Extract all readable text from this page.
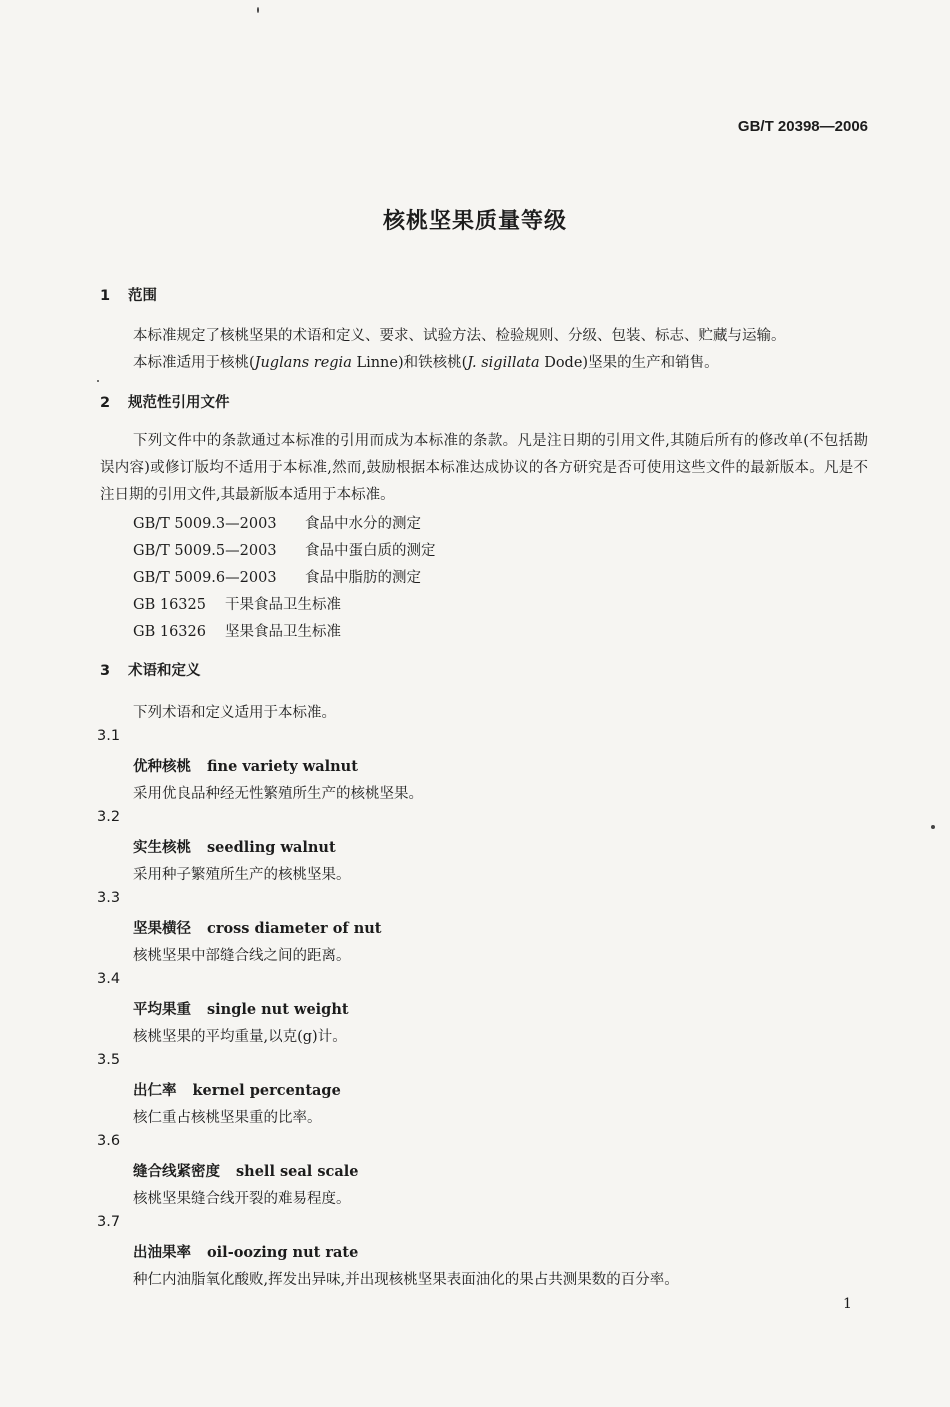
GB/T 20398—2006
核桃坚果质量等级
1 范围
本标准规定了核桃坚果的术语和定义、要求、试验方法、检验规则、分级、包装、标志、贮藏与运输。
本标准适用于核桃(Juglans regia Linne)和铁核桃(J. sigillata Dode)坚果的生产和销售。
2 规范性引用文件
下列文件中的条款通过本标准的引用而成为本标准的条款。凡是注日期的引用文件,其随后所有的修改单(不包括勘误内容)或修订版均不适用于本标准,然而,鼓励根据本标准达成协议的各方研究是否可使用这些文件的最新版本。凡是不注日期的引用文件,其最新版本适用于本标准。
GB/T 5009.3—2003 食品中水分的测定
GB/T 5009.5—2003 食品中蛋白质的测定
GB/T 5009.6—2003 食品中脂肪的测定
GB 16325 干果食品卫生标准
GB 16326 坚果食品卫生标准
3 术语和定义
下列术语和定义适用于本标准。
3.1
优种核桃 fine variety walnut
采用优良品种经无性繁殖所生产的核桃坚果。
3.2
实生核桃 seedling walnut
采用种子繁殖所生产的核桃坚果。
3.3
坚果横径 cross diameter of nut
核桃坚果中部缝合线之间的距离。
3.4
平均果重 single nut weight
核桃坚果的平均重量,以克(g)计。
3.5
出仁率 kernel percentage
核仁重占核桃坚果重的比率。
3.6
缝合线紧密度 shell seal scale
核桃坚果缝合线开裂的难易程度。
3.7
出油果率 oil-oozing nut rate
种仁内油脂氧化酸败,挥发出异味,并出现核桃坚果表面油化的果占共测果数的百分率。
1
